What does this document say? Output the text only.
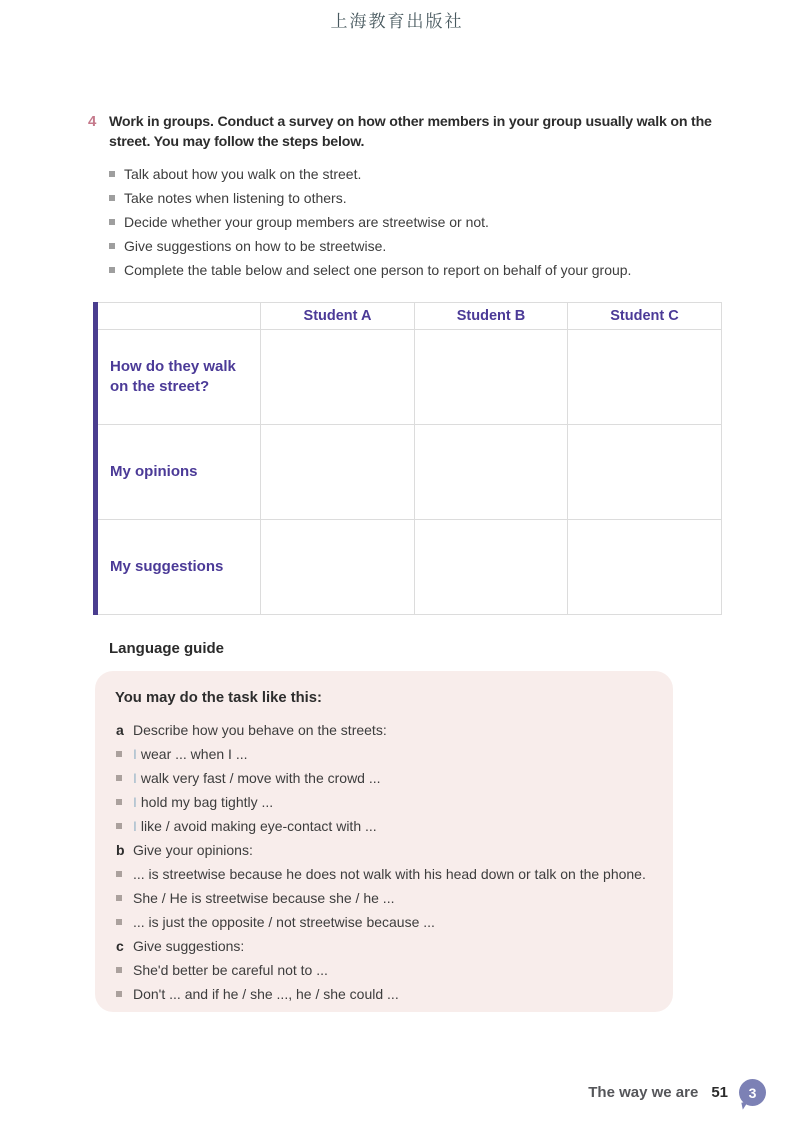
上海教育出版社
4 Work in groups. Conduct a survey on how other members in your group usually walk on the street. You may follow the steps below.
Talk about how you walk on the street.
Take notes when listening to others.
Decide whether your group members are streetwise or not.
Give suggestions on how to be streetwise.
Complete the table below and select one person to report on behalf of your group.
	Student A	Student B	Student C
How do they walk on the street?			
My opinions			
My suggestions			
Language guide
You may do the task like this:
a Describe how you behave on the streets:
I wear ... when I ...
I walk very fast / move with the crowd ...
I hold my bag tightly ...
I like / avoid making eye-contact with ...
b Give your opinions:
... is streetwise because he does not walk with his head down or talk on the phone.
She / He is streetwise because she / he ...
... is just the opposite / not streetwise because ...
c Give suggestions:
She'd better be careful not to ...
Don't ... and if he / she ..., he / she could ...
The way we are 51	3
